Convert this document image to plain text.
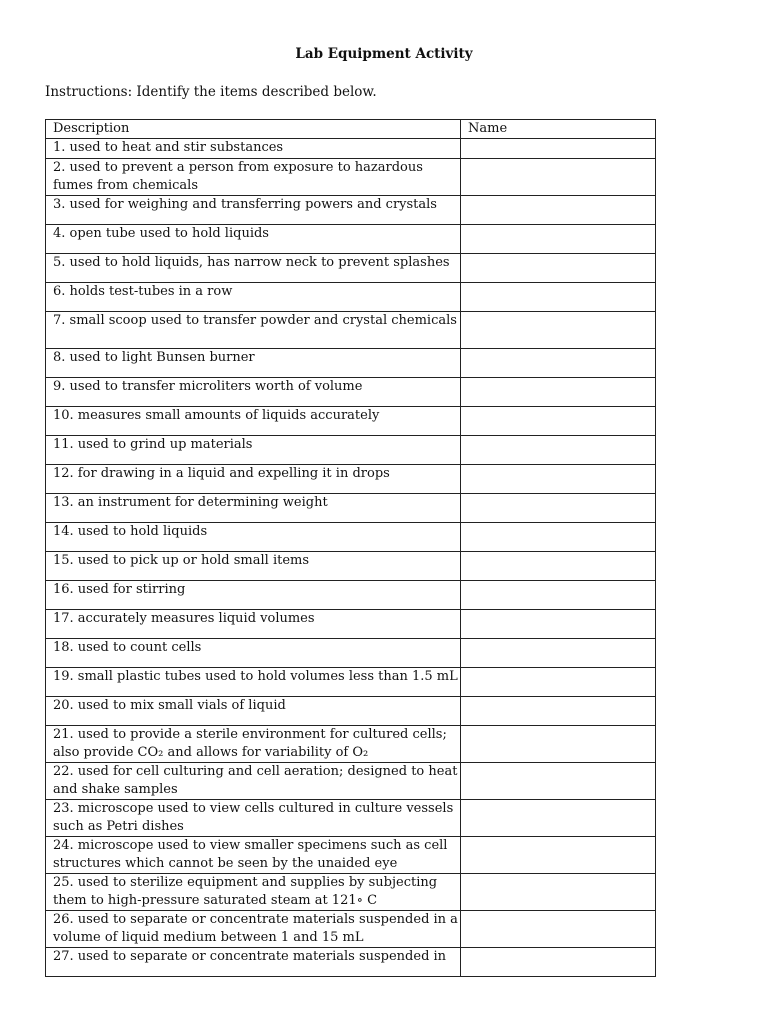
Lab Equipment Activity
Instructions: Identify the items described below.
Description	Name
1. used to heat and stir substances	
2. used to prevent a person from exposure to hazardous fumes from chemicals	
3. used for weighing and transferring powers and crystals	
4. open tube used to hold liquids	
5. used to hold liquids, has narrow neck to prevent splashes	
6. holds test-tubes in a row	
7. small scoop used to transfer powder and crystal chemicals	
8. used to light Bunsen burner	
9. used to transfer microliters worth of volume	
10. measures small amounts of liquids accurately	
11. used to grind up materials	
12. for drawing in a liquid and expelling it in drops	
13. an instrument for determining weight	
14. used to hold liquids	
15. used to pick up or hold small items	
16. used for stirring	
17. accurately measures liquid volumes	
18. used to count cells	
19. small plastic tubes used to hold volumes less than 1.5 mL	
20. used to mix small vials of liquid	
21. used to provide a sterile environment for cultured cells; also provide CO₂ and allows for variability of O₂	
22. used for cell culturing and cell aeration; designed to heat and shake samples	
23. microscope used to view cells cultured in culture vessels such as Petri dishes	
24. microscope used to view smaller specimens such as cell structures which cannot be seen by the unaided eye	
25. used to sterilize equipment and supplies by subjecting them to high-pressure saturated steam at 121∘ C	
26. used to separate or concentrate materials suspended in a volume of liquid medium between 1 and 15 mL	
27. used to separate or concentrate materials suspended in	
